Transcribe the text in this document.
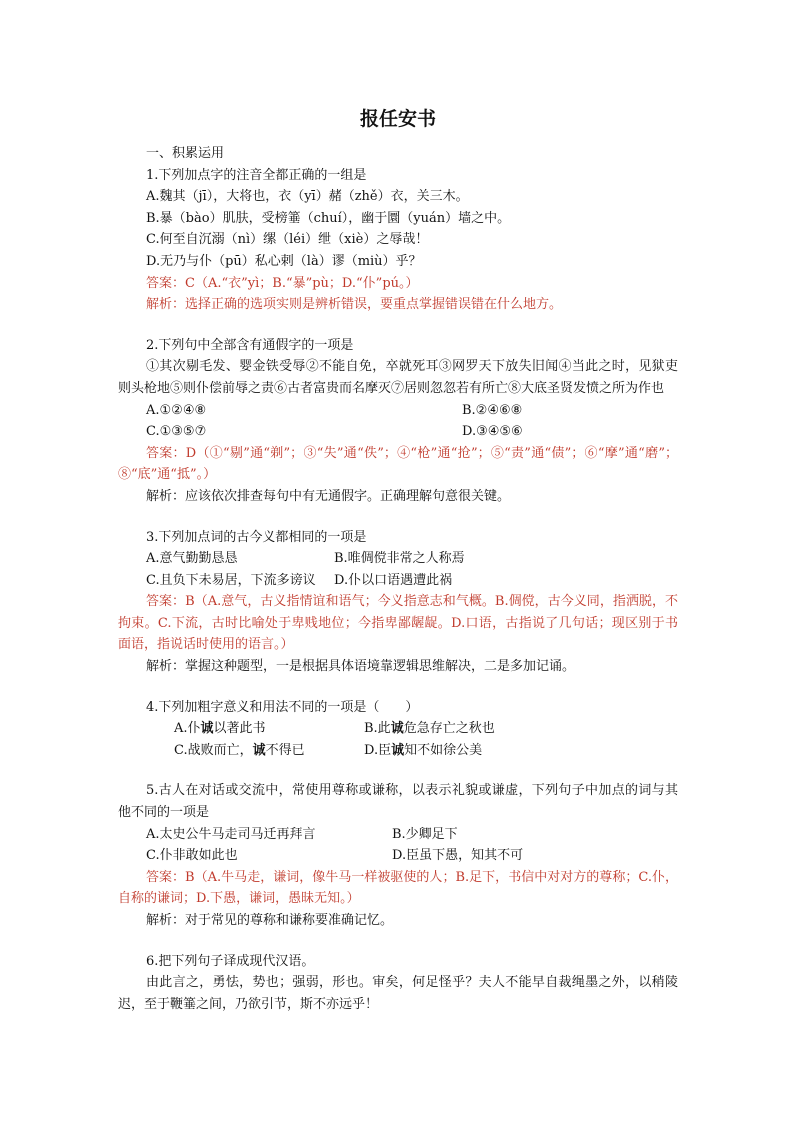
报任安书
一、积累运用
1.下列加点字的注音全都正确的一组是
A.魏其（jī），大将也，衣（yī）赭（zhě）衣，关三木。
B.暴（bào）肌肤，受榜箠（chuí），幽于圜（yuán）墙之中。
C.何至自沉溺（nì）缧（léi）绁（xiè）之辱哉！
D.无乃与仆（pū）私心剌（là）谬（miù）乎？
答案：C（A.“衣”yì；B.“暴”pù；D.“仆”pú。）
解析：选择正确的选项实则是辨析错误，要重点掌握错误错在什么地方。
2.下列句中全部含有通假字的一项是
①其次剔毛发、婴金铁受辱②不能自免，卒就死耳③网罗天下放失旧闻④当此之时，见狱吏则头枪地⑤则仆偿前辱之责⑥古者富贵而名摩灭⑦居则忽忽若有所亡⑧大底圣贤发愤之所为作也
A.①②④⑧	B.②④⑥⑧
C.①③⑤⑦	D.③④⑤⑥
答案：D（①“剔”通“剃”；③“失”通“佚”；④“枪”通“抢”；⑤“责”通“债”；⑥“摩”通“磨”；⑧“底”通“抵”。）
解析：应该依次排查每句中有无通假字。正确理解句意很关键。
3.下列加点词的古今义都相同的一项是
A.意气勤勤恳恳	B.唯倜傥非常之人称焉
C.且负下未易居，下流多谤议	D.仆以口语遇遭此祸
答案：B（A.意气，古义指情谊和语气；今义指意志和气概。B.倜傥，古今义同，指洒脱，不拘束。C.下流，古时比喻处于卑贱地位；今指卑鄙龌龊。D.口语，古指说了几句话；现区别于书面语，指说话时使用的语言。）
解析：掌握这种题型，一是根据具体语境靠逻辑思维解决，二是多加记诵。
4.下列加粗字意义和用法不同的一项是（　　）
A.仆诚以著此书	B.此诚危急存亡之秋也
C.战败而亡，诚不得已	D.臣诚知不如徐公美
5.古人在对话或交流中，常使用尊称或谦称，以表示礼貌或谦虚，下列句子中加点的词与其他不同的一项是
A.太史公牛马走司马迁再拜言	B.少卿足下
C.仆非敢如此也	D.臣虽下愚，知其不可
答案：B（A.牛马走，谦词，像牛马一样被驱使的人；B.足下，书信中对对方的尊称；C.仆，自称的谦词；D.下愚，谦词，愚昧无知。）
解析：对于常见的尊称和谦称要准确记忆。
6.把下列句子译成现代汉语。
由此言之，勇怯，势也；强弱，形也。审矣，何足怪乎？夫人不能早自裁绳墨之外，以稍陵迟，至于鞭箠之间，乃欲引节，斯不亦远乎！
